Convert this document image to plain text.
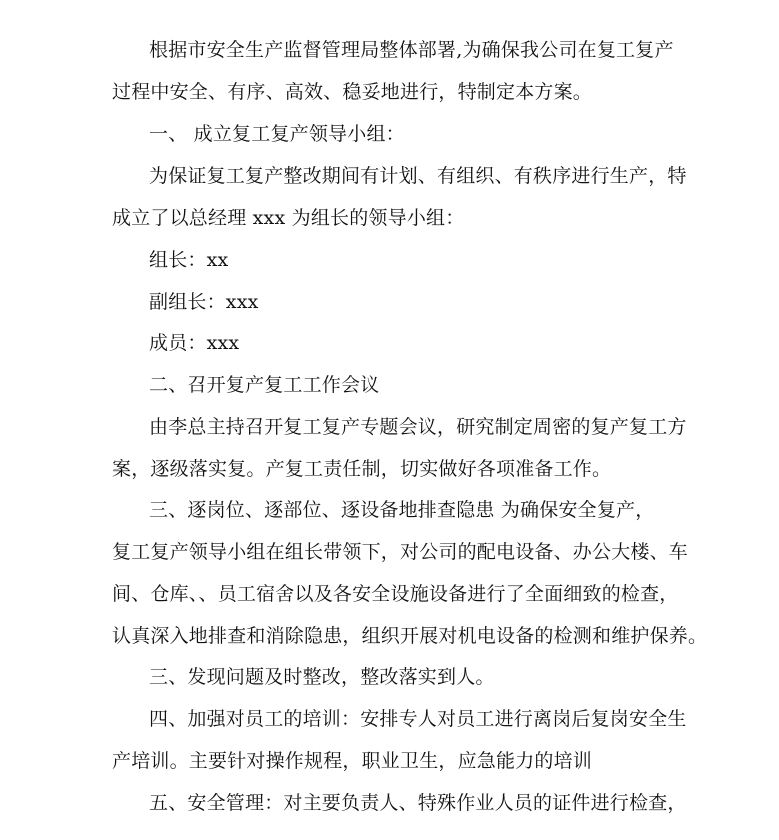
根据市安全生产监督管理局整体部署,为确保我公司在复工复产
过程中安全、有序、高效、稳妥地进行，特制定本方案。
一、 成立复工复产领导小组：
为保证复工复产整改期间有计划、有组织、有秩序进行生产，特
成立了以总经理 xxx 为组长的领导小组：
组长：xx
副组长：xxx
成员：xxx
二、召开复产复工工作会议
由李总主持召开复工复产专题会议，研究制定周密的复产复工方
案，逐级落实复。产复工责任制，切实做好各项准备工作。
三、逐岗位、逐部位、逐设备地排查隐患 为确保安全复产，
复工复产领导小组在组长带领下，对公司的配电设备、办公大楼、车
间、仓库、、员工宿舍以及各安全设施设备进行了全面细致的检查，
认真深入地排查和消除隐患，组织开展对机电设备的检测和维护保养。
三、发现问题及时整改，整改落实到人。
四、加强对员工的培训：安排专人对员工进行离岗后复岗安全生
产培训。主要针对操作规程，职业卫生，应急能力的培训
五、安全管理：对主要负责人、特殊作业人员的证件进行检查，
